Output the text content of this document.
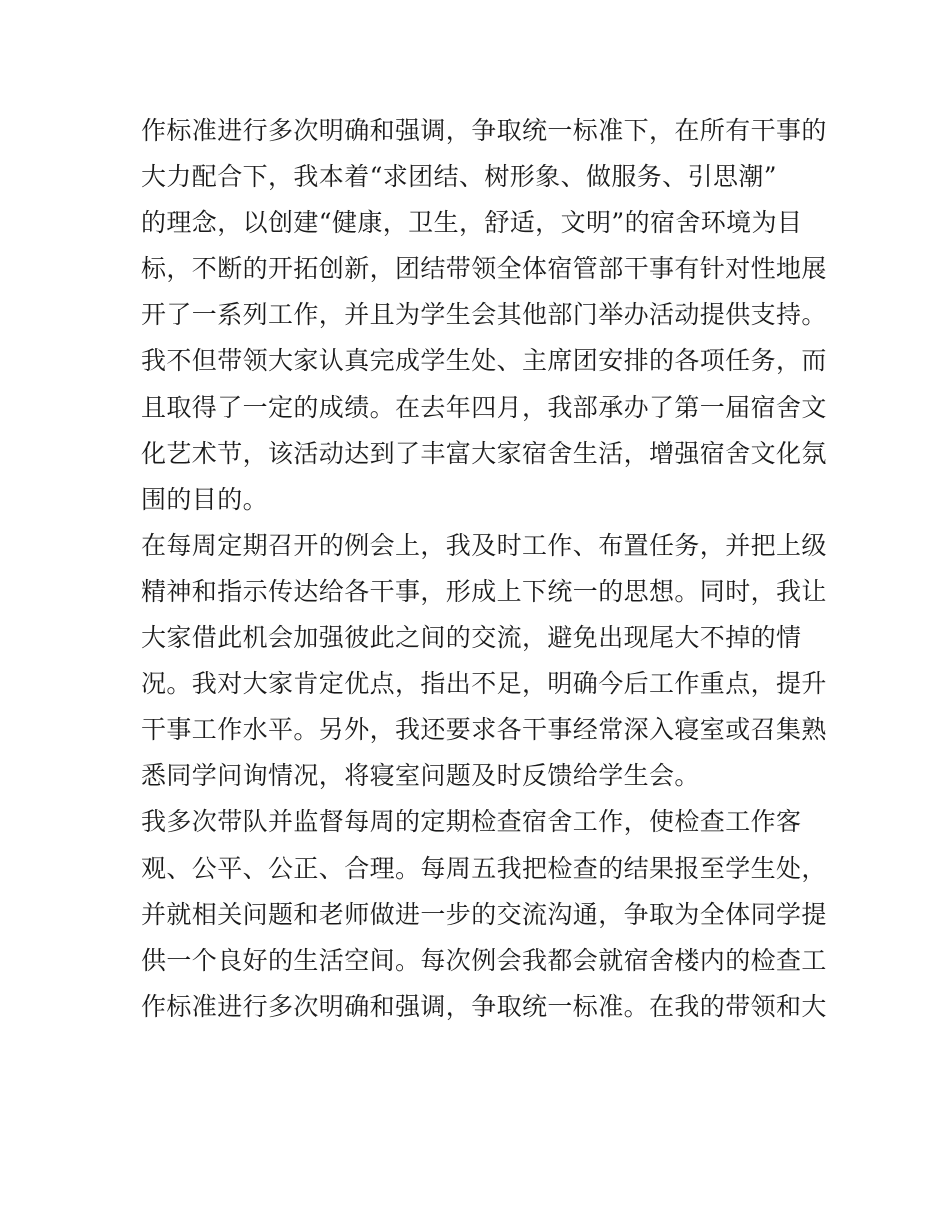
作标准进行多次明确和强调，争取统一标准下，在所有干事的
大力配合下，我本着“求团结、树形象、做服务、引思潮”
的理念，以创建“健康，卫生，舒适，文明”的宿舍环境为目
标，不断的开拓创新，团结带领全体宿管部干事有针对性地展
开了一系列工作，并且为学生会其他部门举办活动提供支持。
我不但带领大家认真完成学生处、主席团安排的各项任务，而
且取得了一定的成绩。在去年四月，我部承办了第一届宿舍文
化艺术节，该活动达到了丰富大家宿舍生活，增强宿舍文化氛
围的目的。
在每周定期召开的例会上，我及时工作、布置任务，并把上级
精神和指示传达给各干事，形成上下统一的思想。同时，我让
大家借此机会加强彼此之间的交流，避免出现尾大不掉的情
况。我对大家肯定优点，指出不足，明确今后工作重点，提升
干事工作水平。另外，我还要求各干事经常深入寝室或召集熟
悉同学问询情况，将寝室问题及时反馈给学生会。
我多次带队并监督每周的定期检查宿舍工作，使检查工作客
观、公平、公正、合理。每周五我把检查的结果报至学生处，
并就相关问题和老师做进一步的交流沟通，争取为全体同学提
供一个良好的生活空间。每次例会我都会就宿舍楼内的检查工
作标准进行多次明确和强调，争取统一标准。在我的带领和大
